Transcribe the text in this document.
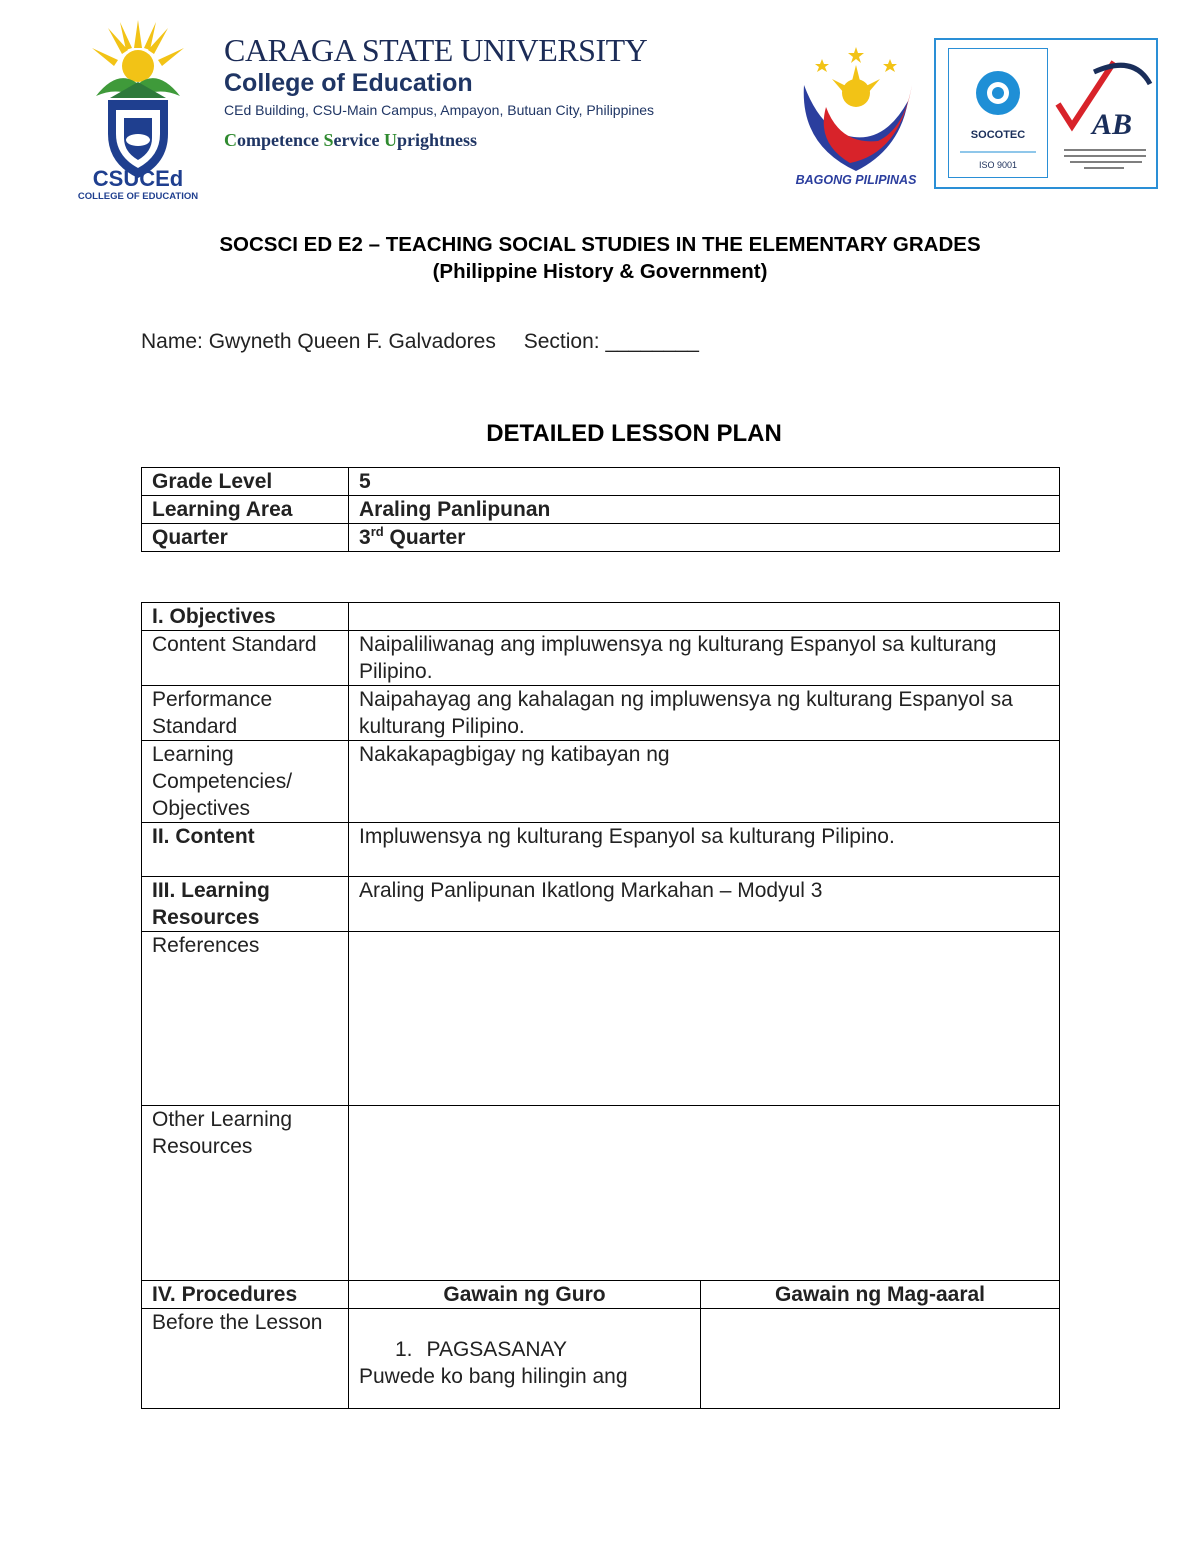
CSUCEd
COLLEGE OF EDUCATION
CARAGA STATE UNIVERSITY
College of Education
CEd Building, CSU-Main Campus, Ampayon, Butuan City, Philippines
Competence Service Uprightness
BAGONG PILIPINAS
SOCOTEC
ISO 9001
AB
SOCSCI ED E2 – TEACHING SOCIAL STUDIES IN THE ELEMENTARY GRADES
(Philippine History & Government)
Name: Gwyneth Queen F. Galvadores Section: ________
DETAILED LESSON PLAN
Grade Level	5
Learning Area	Araling Panlipunan
Quarter	3rd Quarter
I. Objectives		
Content Standard	Naipaliliwanag ang impluwensya ng kulturang Espanyol sa kulturang Pilipino.	
Performance Standard	Naipahayag ang kahalagan ng impluwensya ng kulturang Espanyol sa kulturang Pilipino.	
Learning Competencies/ Objectives	Nakakapagbigay ng katibayan ng	
II. Content	Impluwensya ng kulturang Espanyol sa kulturang Pilipino.	
III. Learning Resources	Araling Panlipunan Ikatlong Markahan – Modyul 3	
References		
Other Learning Resources		
IV. Procedures	Gawain ng Guro	Gawain ng Mag-aaral
Before the Lesson	1. PAGSASANAY
Puwede ko bang hilingin ang	
